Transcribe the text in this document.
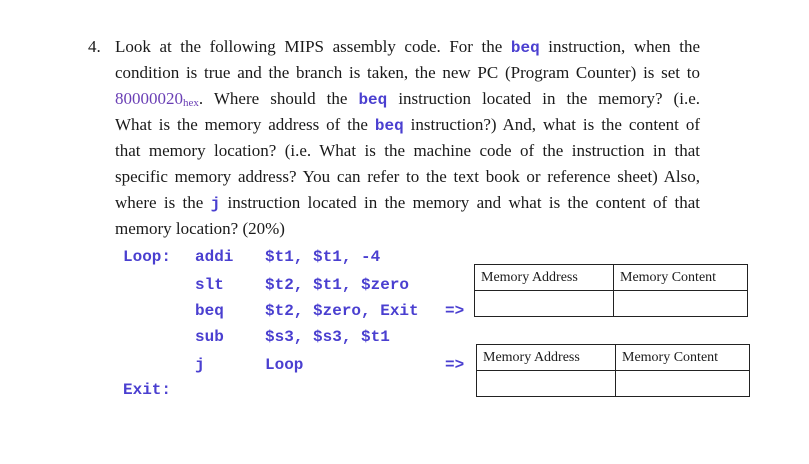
4. Look at the following MIPS assembly code. For the beq instruction, when the
condition is true and the branch is taken, the new PC (Program Counter) is set to
80000020hex. Where should the beq instruction located in the memory? (i.e.
What is the memory address of the beq instruction?) And, what is the content of
that memory location? (i.e. What is the machine code of the instruction in that
specific memory address? You can refer to the text book or reference sheet) Also,
where is the j instruction located in the memory and what is the content of that
memory location? (20%)
Loop:
Exit:
addi $t1, $t1, -4
slt	$t2, $t1, $zero
beq	$t2, $zero, Exit =>
sub	$s3, $s3, $t1
j	Loop	=>
Memory Address	Memory Content

Memory Address	Memory Content
